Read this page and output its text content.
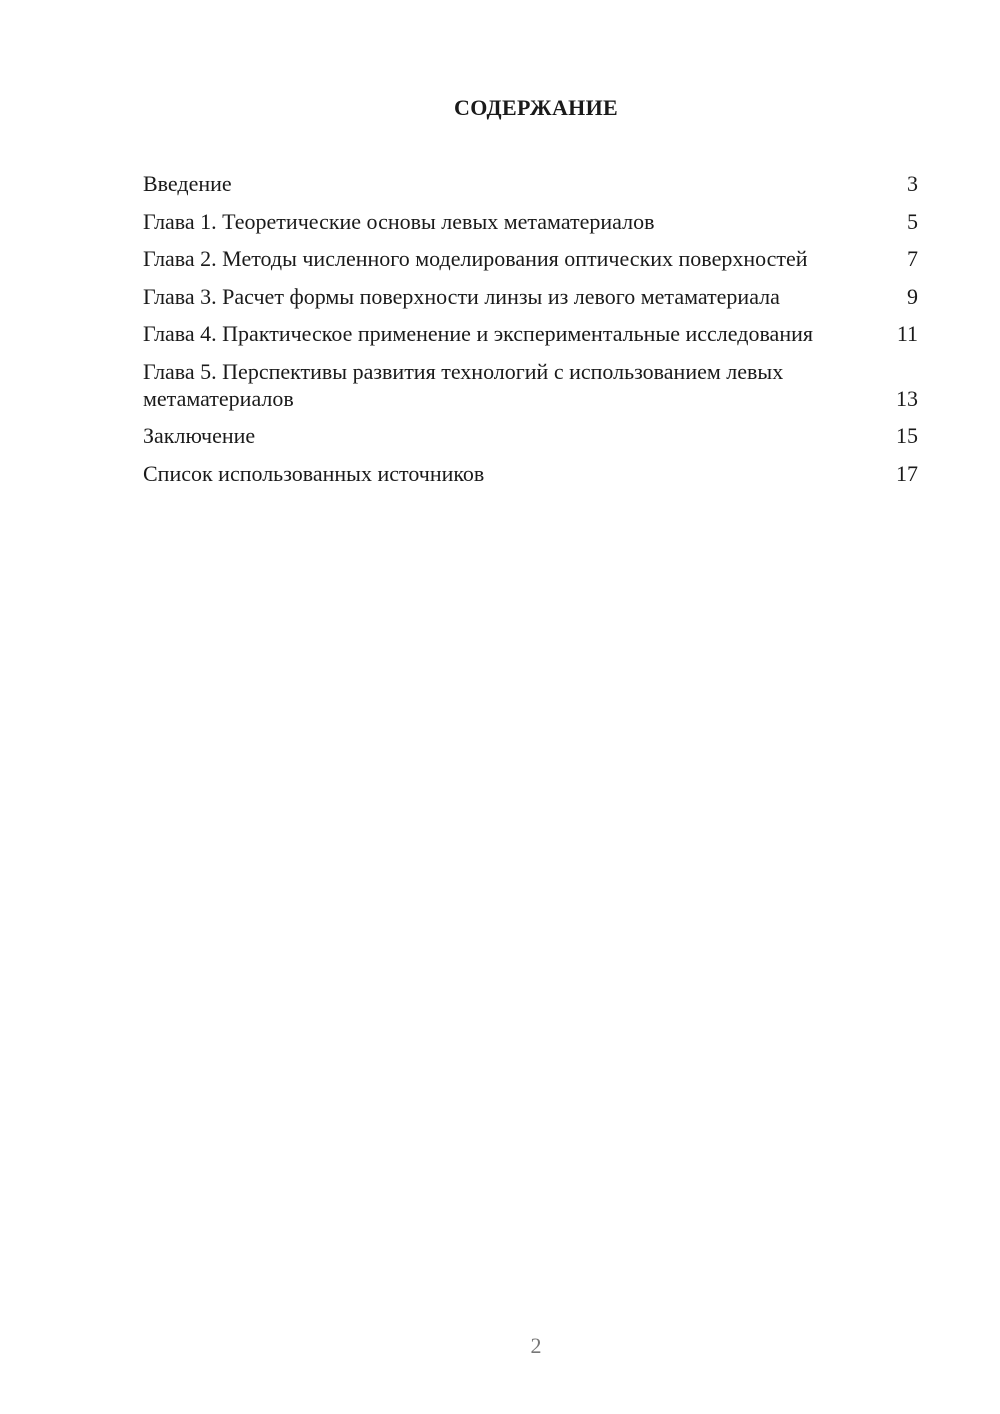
СОДЕРЖАНИЕ
Введение	3
Глава 1. Теоретические основы левых метаматериалов	5
Глава 2. Методы численного моделирования оптических поверхностей	7
Глава 3. Расчет формы поверхности линзы из левого метаматериала	9
Глава 4. Практическое применение и экспериментальные исследования	11
Глава 5. Перспективы развития технологий с использованием левых метаматериалов	13
Заключение	15
Список использованных источников	17
2
